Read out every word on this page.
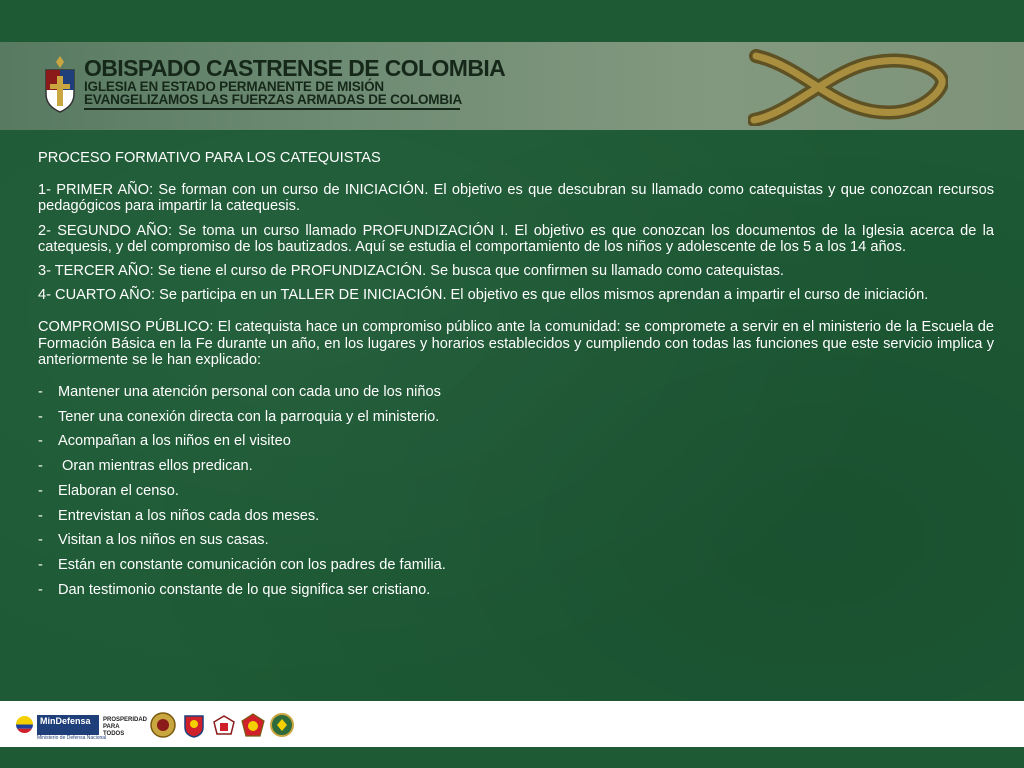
OBISPADO CASTRENSE DE COLOMBIA
IGLESIA EN ESTADO PERMANENTE DE MISIÓN
EVANGELIZAMOS LAS FUERZAS ARMADAS DE COLOMBIA

PROCESO FORMATIVO PARA LOS CATEQUISTAS

1- PRIMER AÑO: Se forman con un curso de INICIACIÓN. El objetivo es que descubran su llamado como catequistas y que conozcan recursos pedagógicos para impartir la catequesis.

2- SEGUNDO AÑO: Se toma un curso llamado PROFUNDIZACIÓN I. El objetivo es que conozcan los documentos de la Iglesia acerca de la catequesis, y del compromiso de los bautizados. Aquí se estudia el comportamiento de los niños y adolescente de los 5 a los 14 años.

3- TERCER AÑO: Se tiene el curso de PROFUNDIZACIÓN. Se busca que confirmen su llamado como catequistas.

4- CUARTO AÑO: Se participa en un TALLER DE INICIACIÓN. El objetivo es que ellos mismos aprendan a impartir el curso de iniciación.

COMPROMISO PÚBLICO: El catequista hace un compromiso público ante la comunidad: se compromete a servir en el ministerio de la Escuela de Formación Básica en la Fe durante un año, en los lugares y horarios establecidos y cumpliendo con todas las funciones que este servicio implica y anteriormente se le han explicado:

-	Mantener una atención personal con cada uno de los niños
-	Tener una conexión directa con la parroquia y el ministerio.
-	Acompañan a los niños en el visiteo
-	Oran mientras ellos predican.
-	Elaboran el censo.
-	Entrevistan a los niños cada dos meses.
-	Visitan a los niños en sus casas.
-	Están en constante comunicación con los padres de familia.
-	Dan testimonio constante de lo que significa ser cristiano.
MinDefensa
Ministerio de Defensa Nacional
PROSPERIDAD PARA TODOS
